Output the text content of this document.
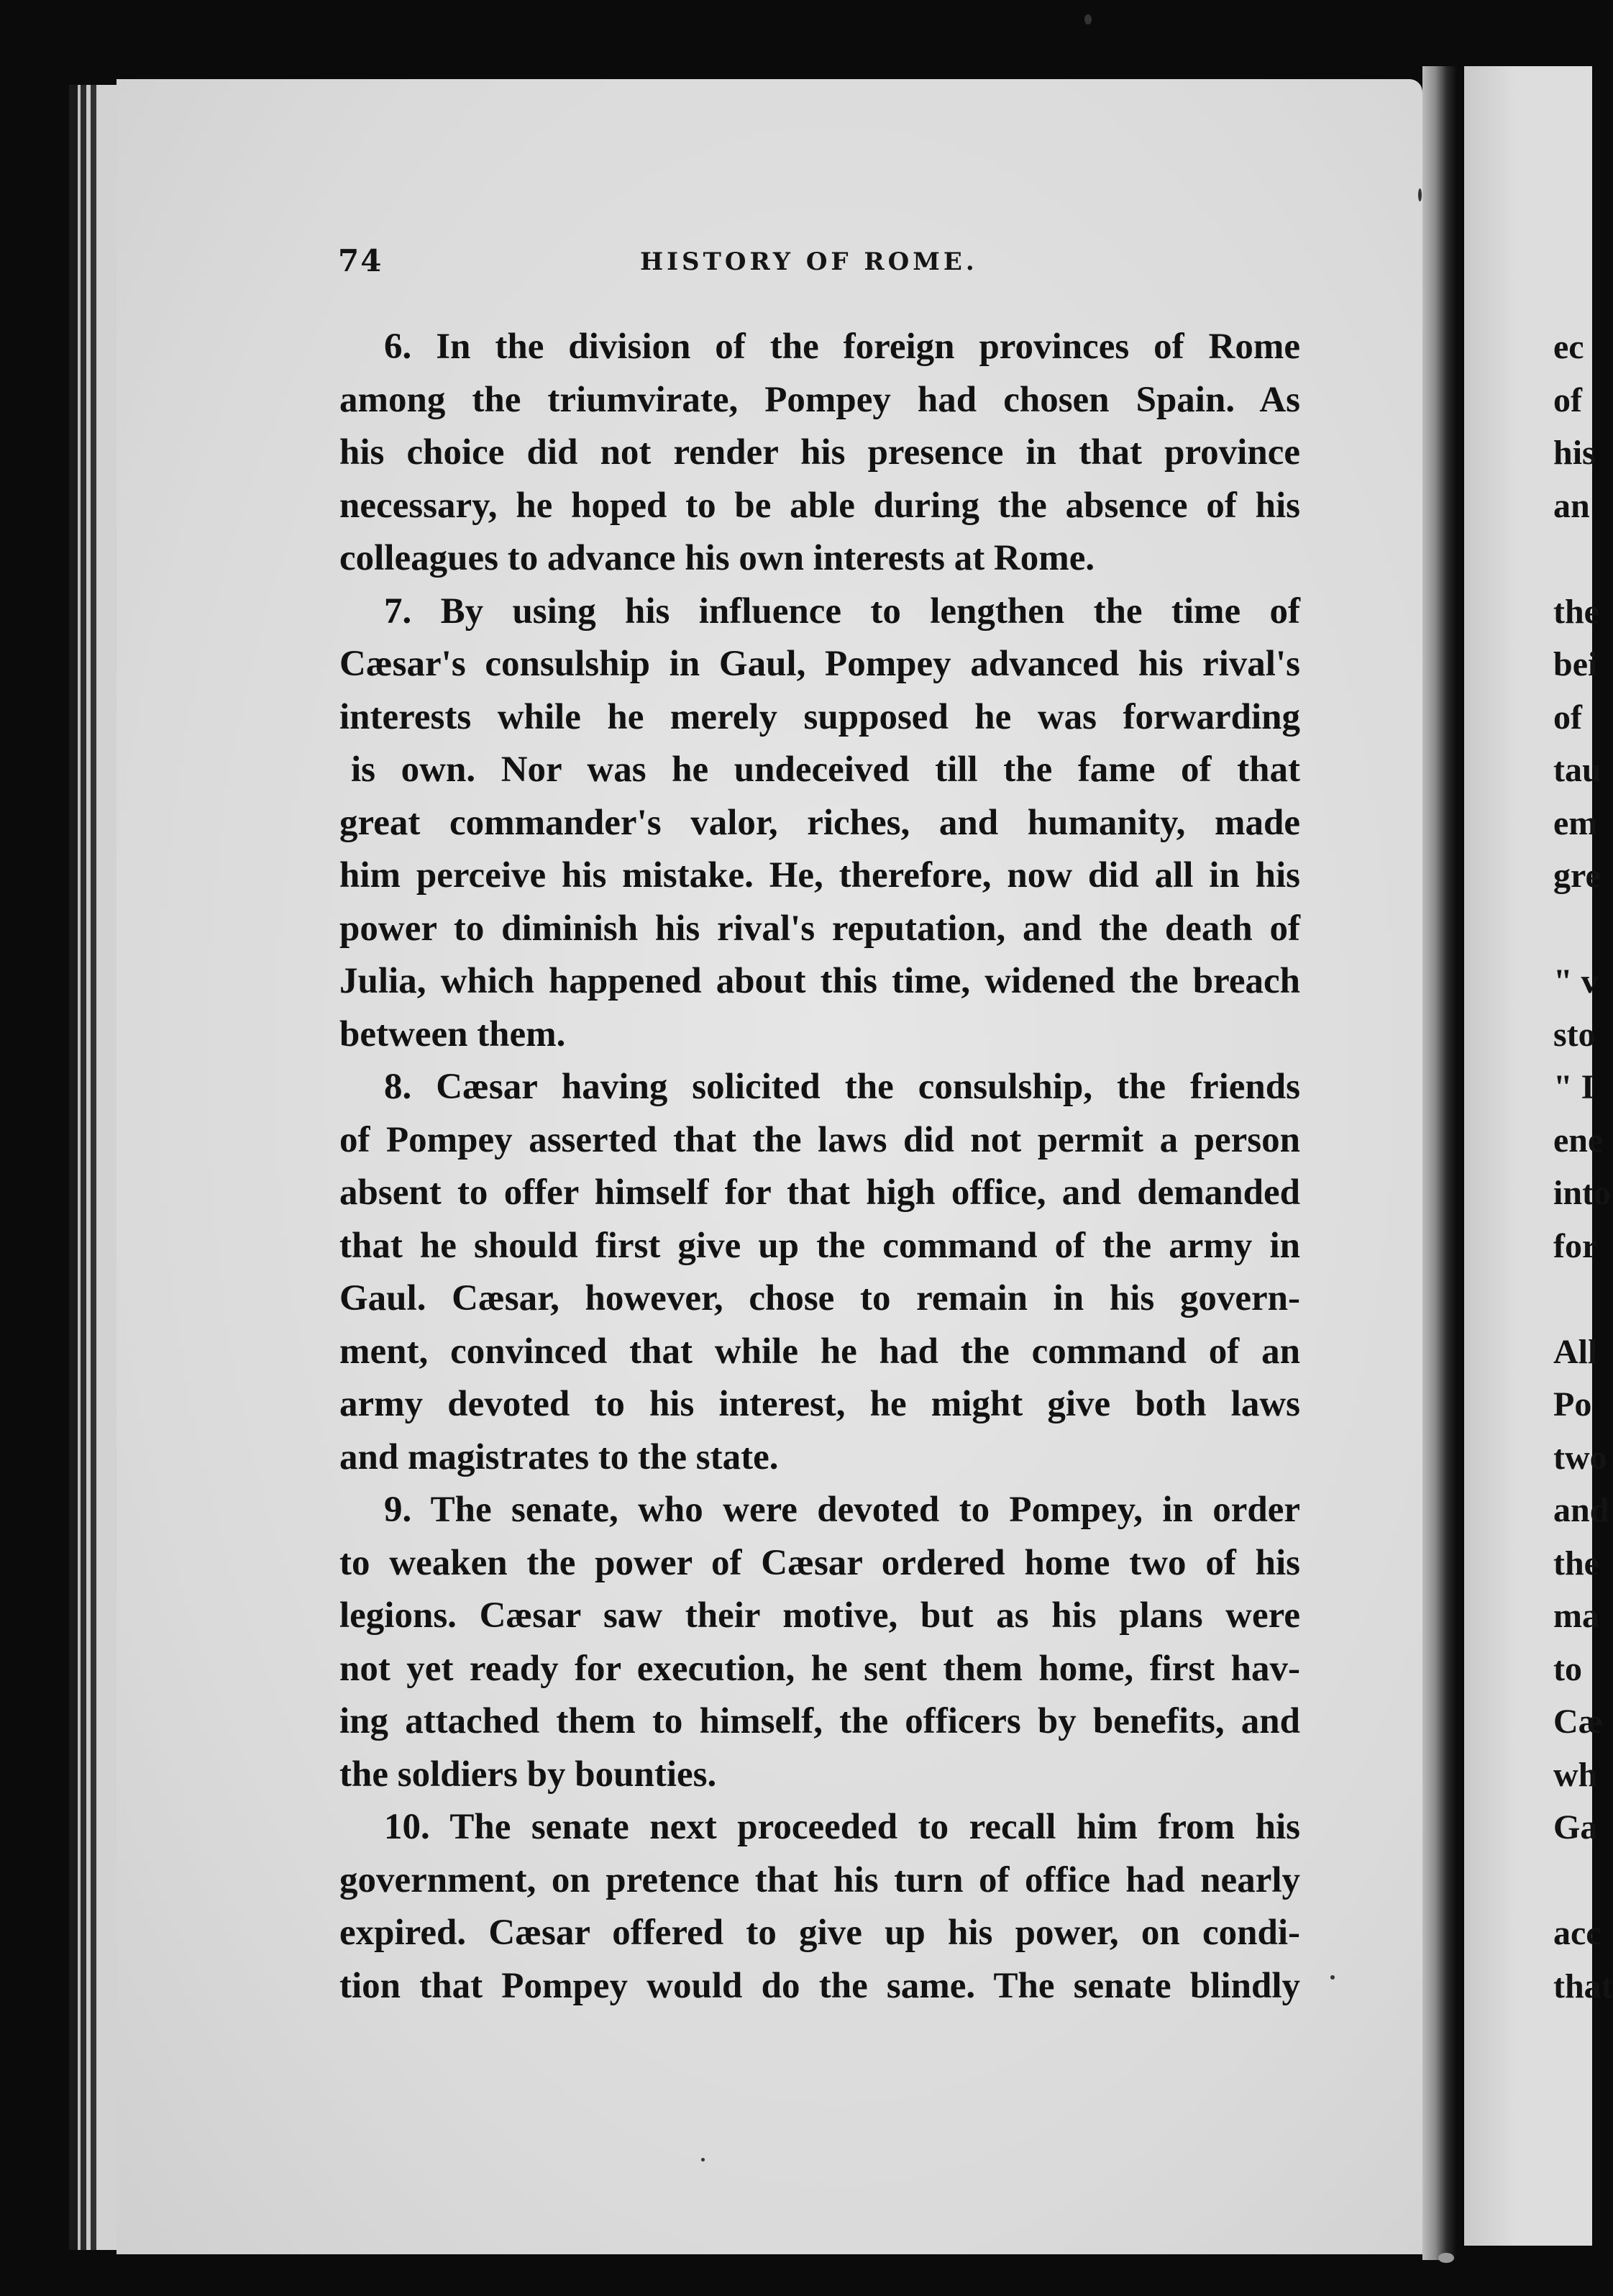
74	HISTORY OF ROME.
6. In the division of the foreign provinces of Rome
among the triumvirate, Pompey had chosen Spain. As
his choice did not render his presence in that province
necessary, he hoped to be able during the absence of his
colleagues to advance his own interests at Rome.
7. By using his influence to lengthen the time of
Cæsar's consulship in Gaul, Pompey advanced his rival's
interests while he merely supposed he was forwarding
is own. Nor was he undeceived till the fame of that
great commander's valor, riches, and humanity, made
him perceive his mistake. He, therefore, now did all in his
power to diminish his rival's reputation, and the death of
Julia, which happened about this time, widened the breach
between them.
8. Cæsar having solicited the consulship, the friends
of Pompey asserted that the laws did not permit a person
absent to offer himself for that high office, and demanded
that he should first give up the command of the army in
Gaul. Cæsar, however, chose to remain in his govern-
ment, convinced that while he had the command of an
army devoted to his interest, he might give both laws
and magistrates to the state.
9. The senate, who were devoted to Pompey, in order
to weaken the power of Cæsar ordered home two of his
legions. Cæsar saw their motive, but as his plans were
not yet ready for execution, he sent them home, first hav-
ing attached them to himself, the officers by benefits, and
the soldiers by bounties.
10. The senate next proceeded to recall him from his
government, on pretence that his turn of office had nearly
expired. Cæsar offered to give up his power, on condi-
tion that Pompey would do the same. The senate blindly
ec
of
his
an
the
bei
of
tau
em
gre
" v
sto
" I
ene
into
for
All
Po
two
and
the
ma
to
Cæ
wh
Ga
acc
that
